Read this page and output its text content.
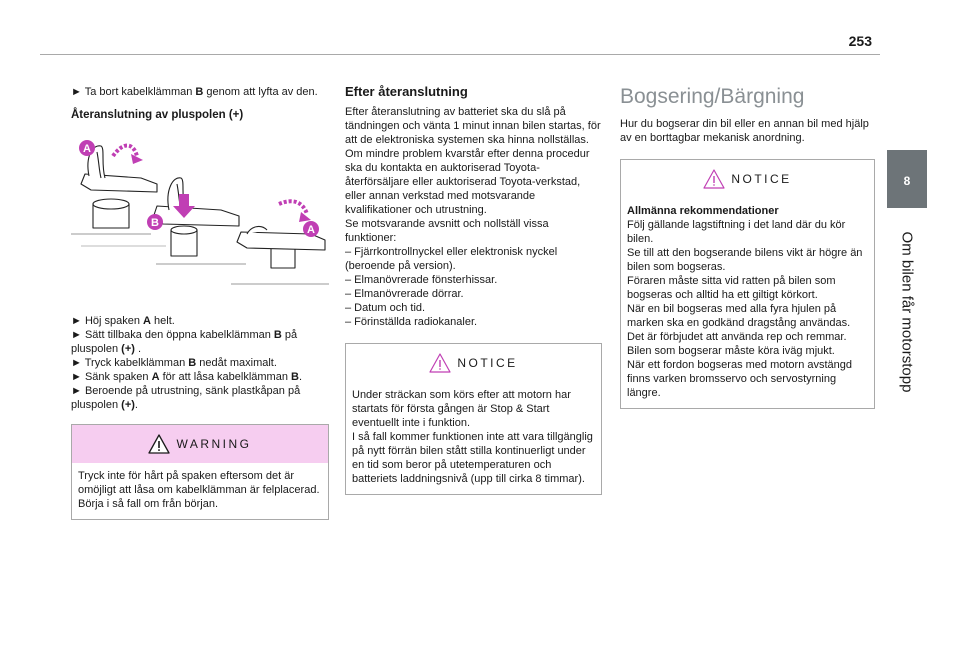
253
8
Om bilen får motorstopp

► Ta bort kabelklämman B genom att lyfta av den.

Återanslutning av pluspolen (+)

A
B
A

► Höj spaken A helt.

► Sätt tillbaka den öppna kabelklämman B på pluspolen (+) .

► Tryck kabelklämman B nedåt maximalt.

► Sänk spaken A för att låsa kabelklämman B.

► Beroende på utrustning, sänk plastkåpan på pluspolen (+).

WARNING

Tryck inte för hårt på spaken eftersom det är omöjligt att låsa om kabelklämman är felplacerad. Börja i så fall om från början.

Efter återanslutning

Efter återanslutning av batteriet ska du slå på tändningen och vänta 1 minut innan bilen startas, för att de elektroniska systemen ska hinna nollställas.

Om mindre problem kvarstår efter denna procedur ska du kontakta en auktoriserad Toyota-återförsäljare eller auktoriserad Toyota-verkstad, eller annan verkstad med motsvarande kvalifikationer och utrustning.

Se motsvarande avsnitt och nollställ vissa funktioner:

– Fjärrkontrollnyckel eller elektronisk nyckel (beroende på version).

– Elmanövrerade fönsterhissar.

– Elmanövrerade dörrar.

– Datum och tid.

– Förinställda radiokanaler.

NOTICE

Under sträckan som körs efter att motorn har startats för första gången är Stop & Start eventuellt inte i funktion.

I så fall kommer funktionen inte att vara tillgänglig på nytt förrän bilen stått stilla kontinuerligt under en tid som beror på utetemperaturen och batteriets laddningsnivå (upp till cirka 8 timmar).

Bogsering/Bärgning

Hur du bogserar din bil eller en annan bil med hjälp av en borttagbar mekanisk anordning.

NOTICE

Allmänna rekommendationer

Följ gällande lagstiftning i det land där du kör bilen.

Se till att den bogserande bilens vikt är högre än bilen som bogseras.

Föraren måste sitta vid ratten på bilen som bogseras och alltid ha ett giltigt körkort.

När en bil bogseras med alla fyra hjulen på marken ska en godkänd dragstång användas. Det är förbjudet att använda rep och remmar.

Bilen som bogserar måste köra iväg mjukt.

När ett fordon bogseras med motorn avstängd finns varken bromsservo och servostyrning längre.
